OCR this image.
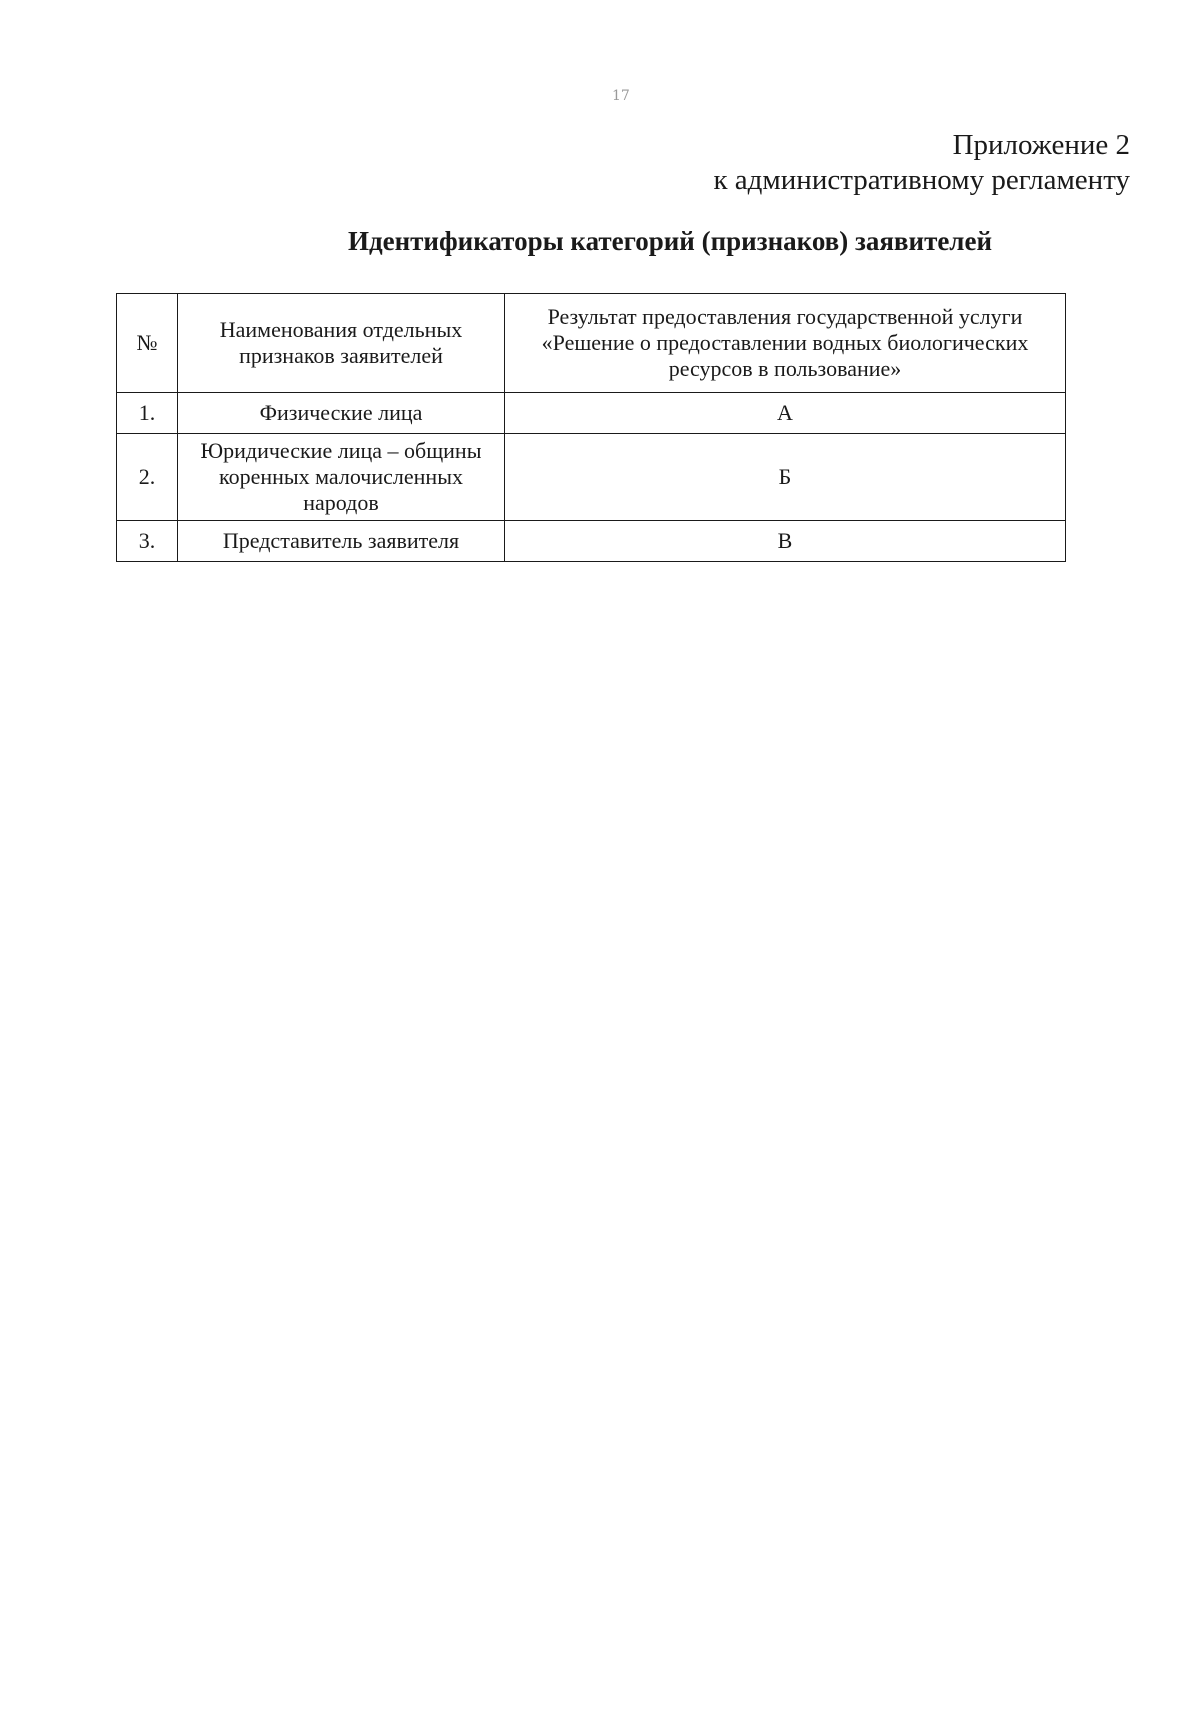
17
Приложение 2
к административному регламенту
Идентификаторы категорий (признаков) заявителей
№	Наименования отдельных признаков заявителей	Результат предоставления государственной услуги «Решение о предоставлении водных биологических ресурсов в пользование»
1.	Физические лица	А
2.	Юридические лица – общины коренных малочисленных народов	Б
3.	Представитель заявителя	В
